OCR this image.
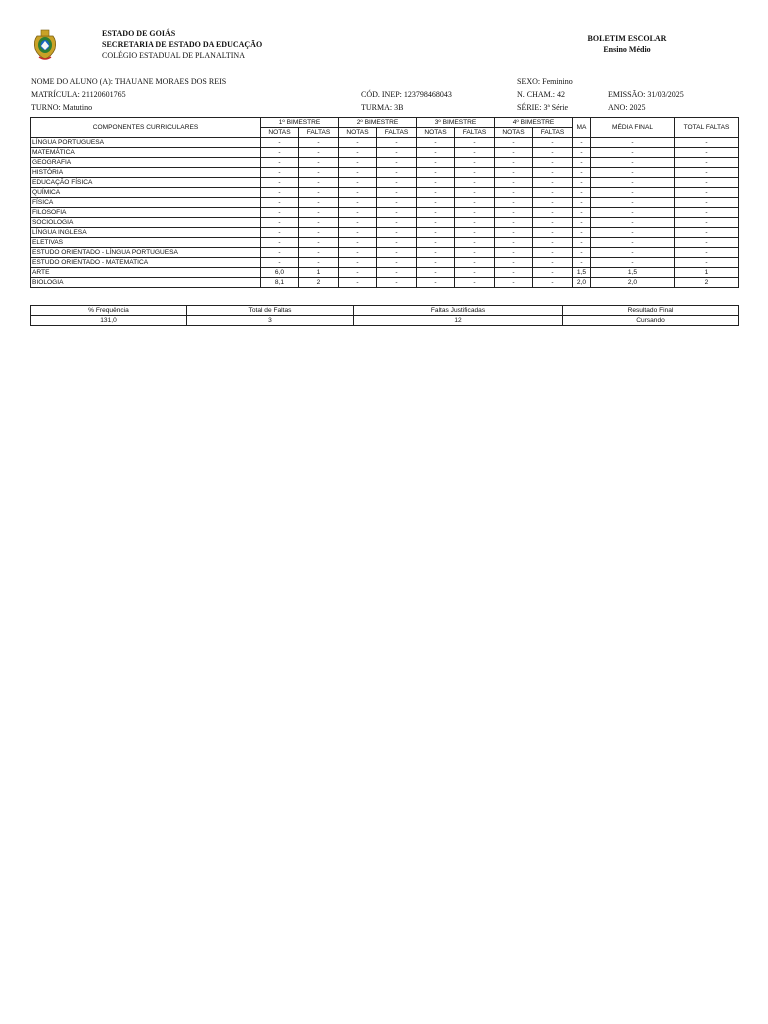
ESTADO DE GOIÁS
SECRETARIA DE ESTADO DA EDUCAÇÃO
COLÉGIO ESTADUAL DE PLANALTINA
BOLETIM ESCOLAR
Ensino Médio
NOME DO ALUNO (A): THAUANE MORAES DOS REIS	SEXO: Feminino
MATRÍCULA: 21120601765	CÓD. INEP: 123798468043	N. CHAM.: 42	EMISSÃO: 31/03/2025
TURNO: Matutino	TURMA: 3B	SÉRIE: 3ª Série	ANO: 2025
COMPONENTES CURRICULARES	1º BIMESTRE		2º BIMESTRE		3º BIMESTRE		4º BIMESTRE		MA	MÉDIA FINAL	TOTAL FALTAS
	NOTAS	FALTAS	NOTAS	FALTAS	NOTAS	FALTAS	NOTAS	FALTAS			
LÍNGUA PORTUGUESA	-	-	-	-	-	-	-	-	-	-	-
MATEMÁTICA	-	-	-	-	-	-	-	-	-	-	-
GEOGRAFIA	-	-	-	-	-	-	-	-	-	-	-
HISTÓRIA	-	-	-	-	-	-	-	-	-	-	-
EDUCAÇÃO FÍSICA	-	-	-	-	-	-	-	-	-	-	-
QUÍMICA	-	-	-	-	-	-	-	-	-	-	-
FÍSICA	-	-	-	-	-	-	-	-	-	-	-
FILOSOFIA	-	-	-	-	-	-	-	-	-	-	-
SOCIOLOGIA	-	-	-	-	-	-	-	-	-	-	-
LÍNGUA INGLESA	-	-	-	-	-	-	-	-	-	-	-
ELETIVAS	-	-	-	-	-	-	-	-	-	-	-
ESTUDO ORIENTADO - LÍNGUA PORTUGUESA	-	-	-	-	-	-	-	-	-	-	-
ESTUDO ORIENTADO - MATEMATICA	-	-	-	-	-	-	-	-	-	-	-
ARTE	6,0	1	-	-	-	-	-	-	1,5	1,5	1
BIOLOGIA	8,1	2	-	-	-	-	-	-	2,0	2,0	2
% Frequência	Total de Faltas	Faltas Justificadas	Resultado Final
131,0	3	12	Cursando
